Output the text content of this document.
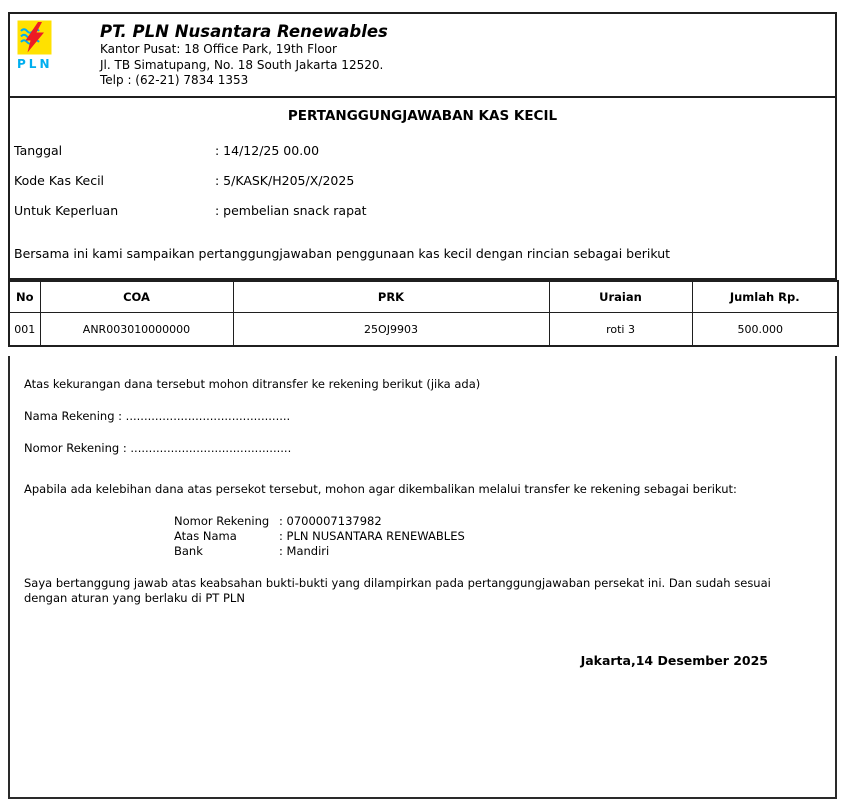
PLN
PT. PLN Nusantara Renewables
Kantor Pusat: 18 Office Park, 19th Floor
Jl. TB Simatupang, No. 18 South Jakarta 12520.
Telp : (62-21) 7834 1353
PERTANGGUNGJAWABAN KAS KECIL
Tanggal	: 14/12/25 00.00
Kode Kas Kecil	: 5/KASK/H205/X/2025
Untuk Keperluan	: pembelian snack rapat
Bersama ini kami sampaikan pertanggungjawaban penggunaan kas kecil dengan rincian sebagai berikut
No	COA	PRK	Uraian	Jumlah Rp.
001	ANR003010000000	25OJ9903	roti 3	500.000

Atas kekurangan dana tersebut mohon ditransfer ke rekening berikut (jika ada)

Nama Rekening : .............................................

Nomor Rekening : ............................................

Apabila ada kelebihan dana atas persekot tersebut, mohon agar dikembalikan melalui transfer ke rekening sebagai berikut:

Nomor Rekening : 0700007137982
Atas Nama	: PLN NUSANTARA RENEWABLES
Bank	: Mandiri

Saya bertanggung jawab atas keabsahan bukti-bukti yang dilampirkan pada pertanggungjawaban persekat ini. Dan sudah sesuai dengan aturan yang berlaku di PT PLN

Jakarta,14 Desember 2025
